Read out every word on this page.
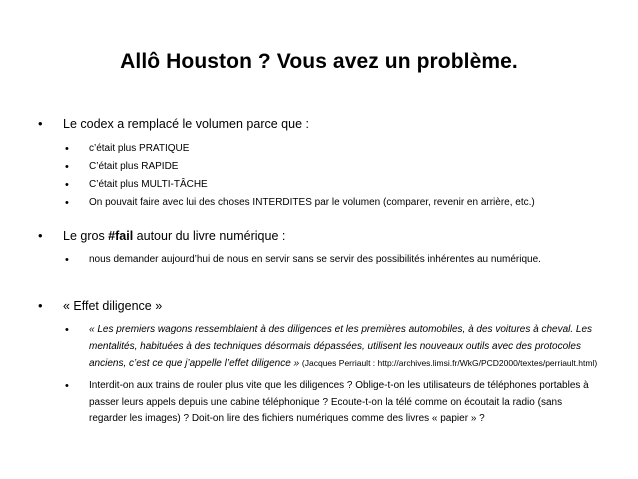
Allô Houston ? Vous avez un problème.
• Le codex a remplacé le volumen parce que :
• c’était plus PRATIQUE
• C’était plus RAPIDE
• C’était plus MULTI-TÂCHE
• On pouvait faire avec lui des choses INTERDITES par le volumen (comparer, revenir en arrière, etc.)
• Le gros #fail autour du livre numérique :
• nous demander aujourd’hui de nous en servir sans se servir des possibilités inhérentes au numérique.
• « Effet diligence »
• « Les premiers wagons ressemblaient à des diligences et les premières automobiles, à des voitures à cheval. Les mentalités, habituées à des techniques désormais dépassées, utilisent les nouveaux outils avec des protocoles anciens, c’est ce que j’appelle l’effet diligence » (Jacques Perriault : http://archives.limsi.fr/WkG/PCD2000/textes/perriault.html)
• Interdit-on aux trains de rouler plus vite que les diligences ? Oblige-t-on les utilisateurs de téléphones portables à passer leurs appels depuis une cabine téléphonique ? Ecoute-t-on la télé comme on écoutait la radio (sans regarder les images) ? Doit-on lire des fichiers numériques comme des livres « papier » ?
